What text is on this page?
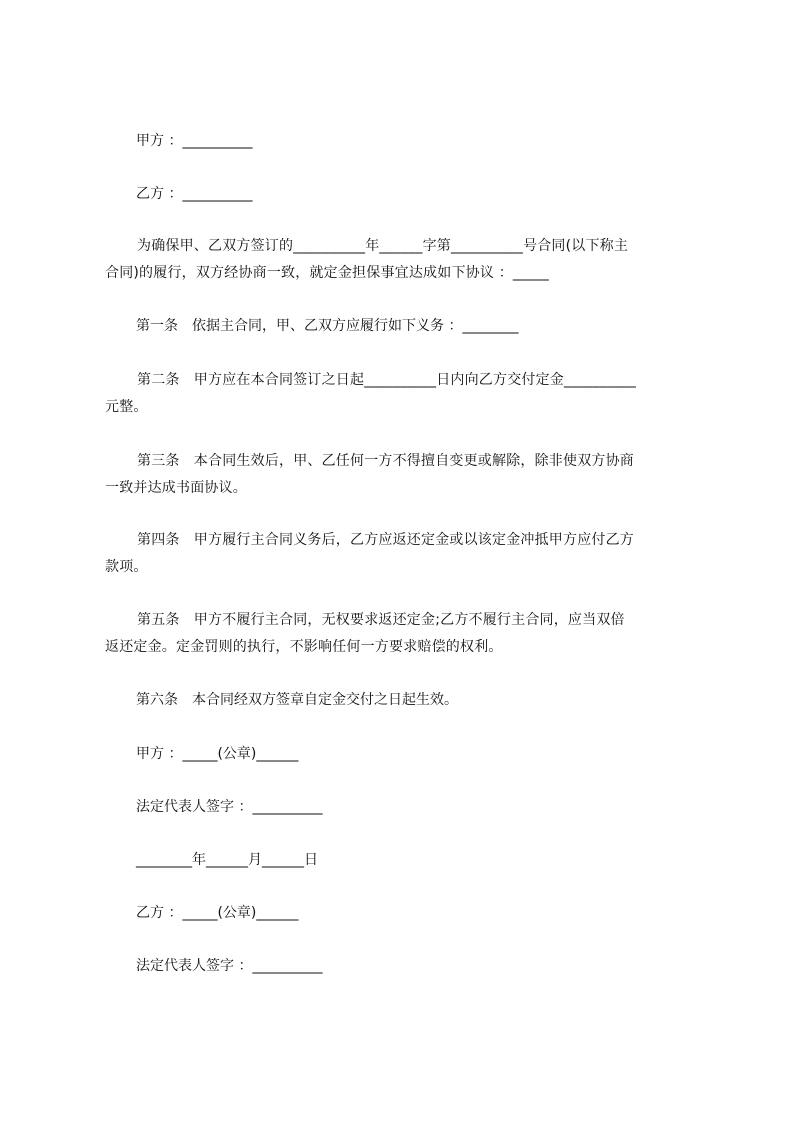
甲方 ：__________
乙方 ：__________
为确保甲、乙双方签订的__________年______字第__________号合同(以下称主
合同)的履行，双方经协商一致，就定金担保事宜达成如下协议 ：_____
第一条　依据主合同，甲、乙双方应履行如下义务 ：________
第二条　甲方应在本合同签订之日起__________日内向乙方交付定金__________
元整。
第三条　本合同生效后，甲、乙任何一方不得擅自变更或解除，除非使双方协商
一致并达成书面协议。
第四条　甲方履行主合同义务后，乙方应返还定金或以该定金冲抵甲方应付乙方
款项。
第五条　甲方不履行主合同，无权要求返还定金;乙方不履行主合同，应当双倍
返还定金。定金罚则的执行，不影响任何一方要求赔偿的权利。
第六条　本合同经双方签章自定金交付之日起生效。
甲方 ：_____(公章)______
法定代表人签字 ：__________
________年______月______日
乙方 ：_____(公章)______
法定代表人签字 ：__________
